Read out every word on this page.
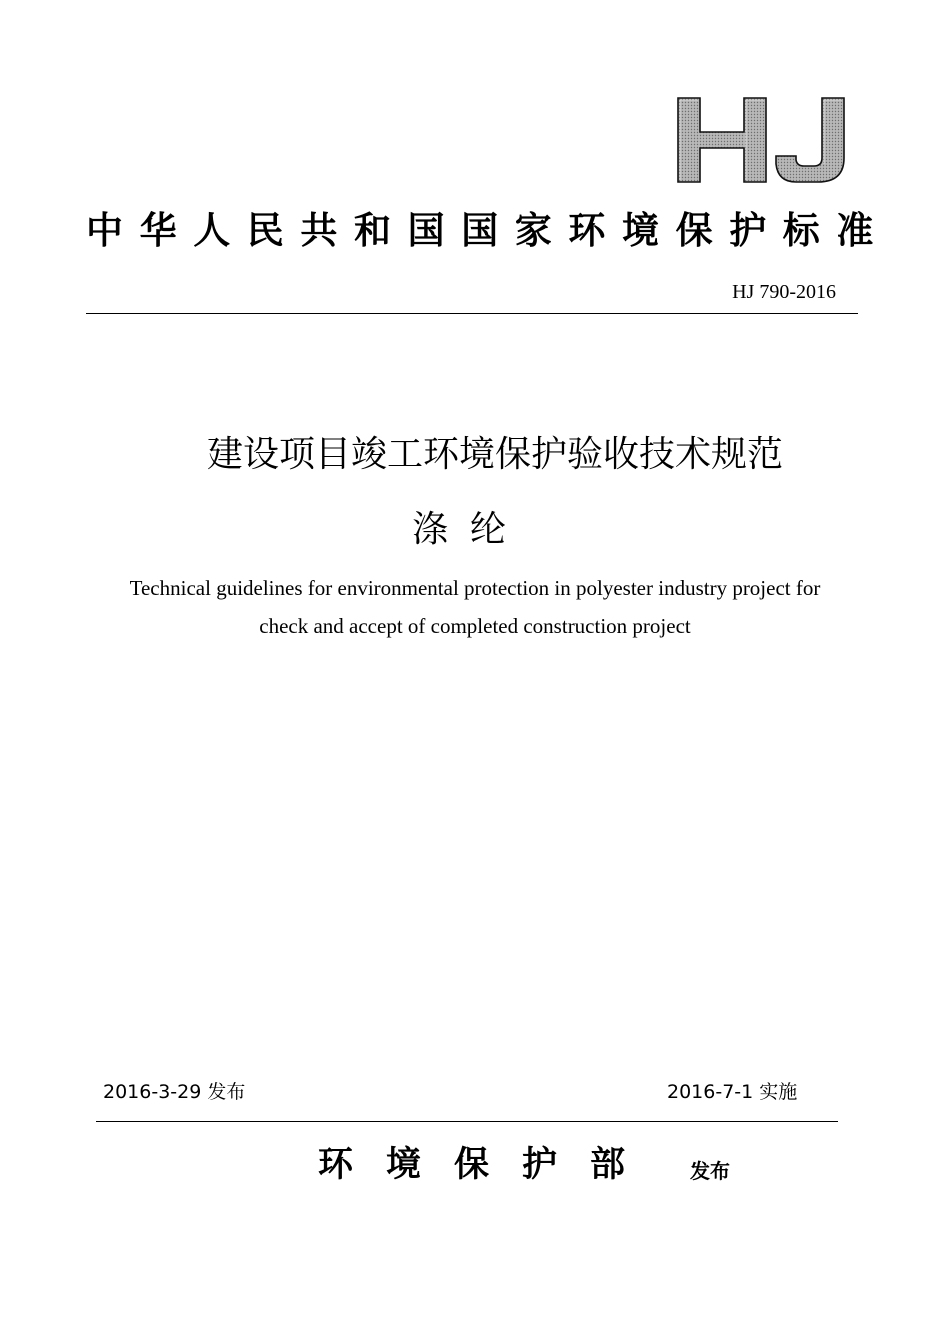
中华人民共和国国家环境保护标准
HJ 790-2016
建设项目竣工环境保护验收技术规范
涤纶
Technical guidelines for environmental protection in polyester industry project for
check and accept of completed construction project
2016-3-29 发布	2016-7-1 实施
环境保护部 发布
